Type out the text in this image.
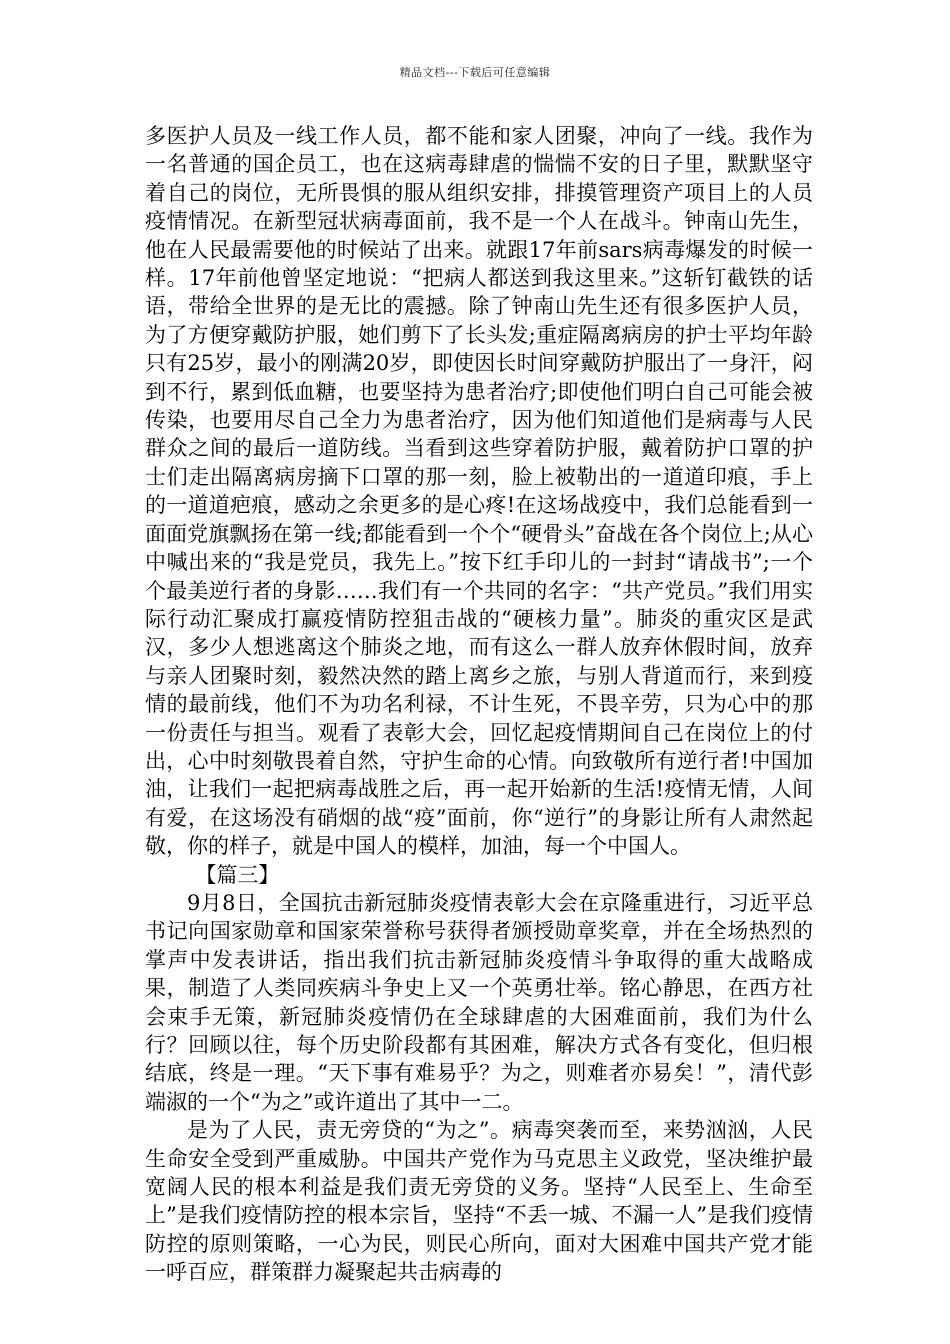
精品文档---下载后可任意编辑

多医护人员及一线工作人员，都不能和家人团聚，冲向了一线。我作为一名普通的国企员工，也在这病毒肆虐的惴惴不安的日子里，默默坚守着自己的岗位，无所畏惧的服从组织安排，排摸管理资产项目上的人员疫情情况。在新型冠状病毒面前，我不是一个人在战斗。钟南山先生，他在人民最需要他的时候站了出来。就跟17年前sars病毒爆发的时候一样。17年前他曾坚定地说：“把病人都送到我这里来。”这斩钉截铁的话语，带给全世界的是无比的震撼。除了钟南山先生还有很多医护人员，为了方便穿戴防护服，她们剪下了长头发;重症隔离病房的护士平均年龄只有25岁，最小的刚满20岁，即使因长时间穿戴防护服出了一身汗，闷到不行，累到低血糖，也要坚持为患者治疗;即使他们明白自己可能会被传染，也要用尽自己全力为患者治疗，因为他们知道他们是病毒与人民群众之间的最后一道防线。当看到这些穿着防护服，戴着防护口罩的护士们走出隔离病房摘下口罩的那一刻，脸上被勒出的一道道印痕，手上的一道道疤痕，感动之余更多的是心疼!在这场战疫中，我们总能看到一面面党旗飘扬在第一线;都能看到一个个“硬骨头”奋战在各个岗位上;从心中喊出来的“我是党员，我先上。”按下红手印儿的一封封“请战书”;一个个最美逆行者的身影……我们有一个共同的名字：“共产党员。”我们用实际行动汇聚成打赢疫情防控狙击战的“硬核力量”。肺炎的重灾区是武汉，多少人想逃离这个肺炎之地，而有这么一群人放弃休假时间，放弃与亲人团聚时刻，毅然决然的踏上离乡之旅，与别人背道而行，来到疫情的最前线，他们不为功名利禄，不计生死，不畏辛劳，只为心中的那一份责任与担当。观看了表彰大会，回忆起疫情期间自己在岗位上的付出，心中时刻敬畏着自然，守护生命的心情。向致敬所有逆行者!中国加油，让我们一起把病毒战胜之后，再一起开始新的生活!疫情无情，人间有爱，在这场没有硝烟的战“疫”面前，你“逆行”的身影让所有人肃然起敬，你的样子，就是中国人的模样，加油，每一个中国人。

【篇三】

9月8日，全国抗击新冠肺炎疫情表彰大会在京隆重进行，习近平总书记向国家勋章和国家荣誉称号获得者颁授勋章奖章，并在全场热烈的掌声中发表讲话，指出我们抗击新冠肺炎疫情斗争取得的重大战略成果，制造了人类同疾病斗争史上又一个英勇壮举。铭心静思，在西方社会束手无策，新冠肺炎疫情仍在全球肆虐的大困难面前，我们为什么行？回顾以往，每个历史阶段都有其困难，解决方式各有变化，但归根结底，终是一理。“天下事有难易乎？为之，则难者亦易矣！”，清代彭端淑的一个“为之”或许道出了其中一二。

是为了人民，责无旁贷的“为之”。病毒突袭而至，来势汹汹，人民生命安全受到严重威胁。中国共产党作为马克思主义政党，坚决维护最宽阔人民的根本利益是我们责无旁贷的义务。坚持“人民至上、生命至上”是我们疫情防控的根本宗旨，坚持“不丢一城、不漏一人”是我们疫情防控的原则策略，一心为民，则民心所向，面对大困难中国共产党才能一呼百应，群策群力凝聚起共击病毒的
